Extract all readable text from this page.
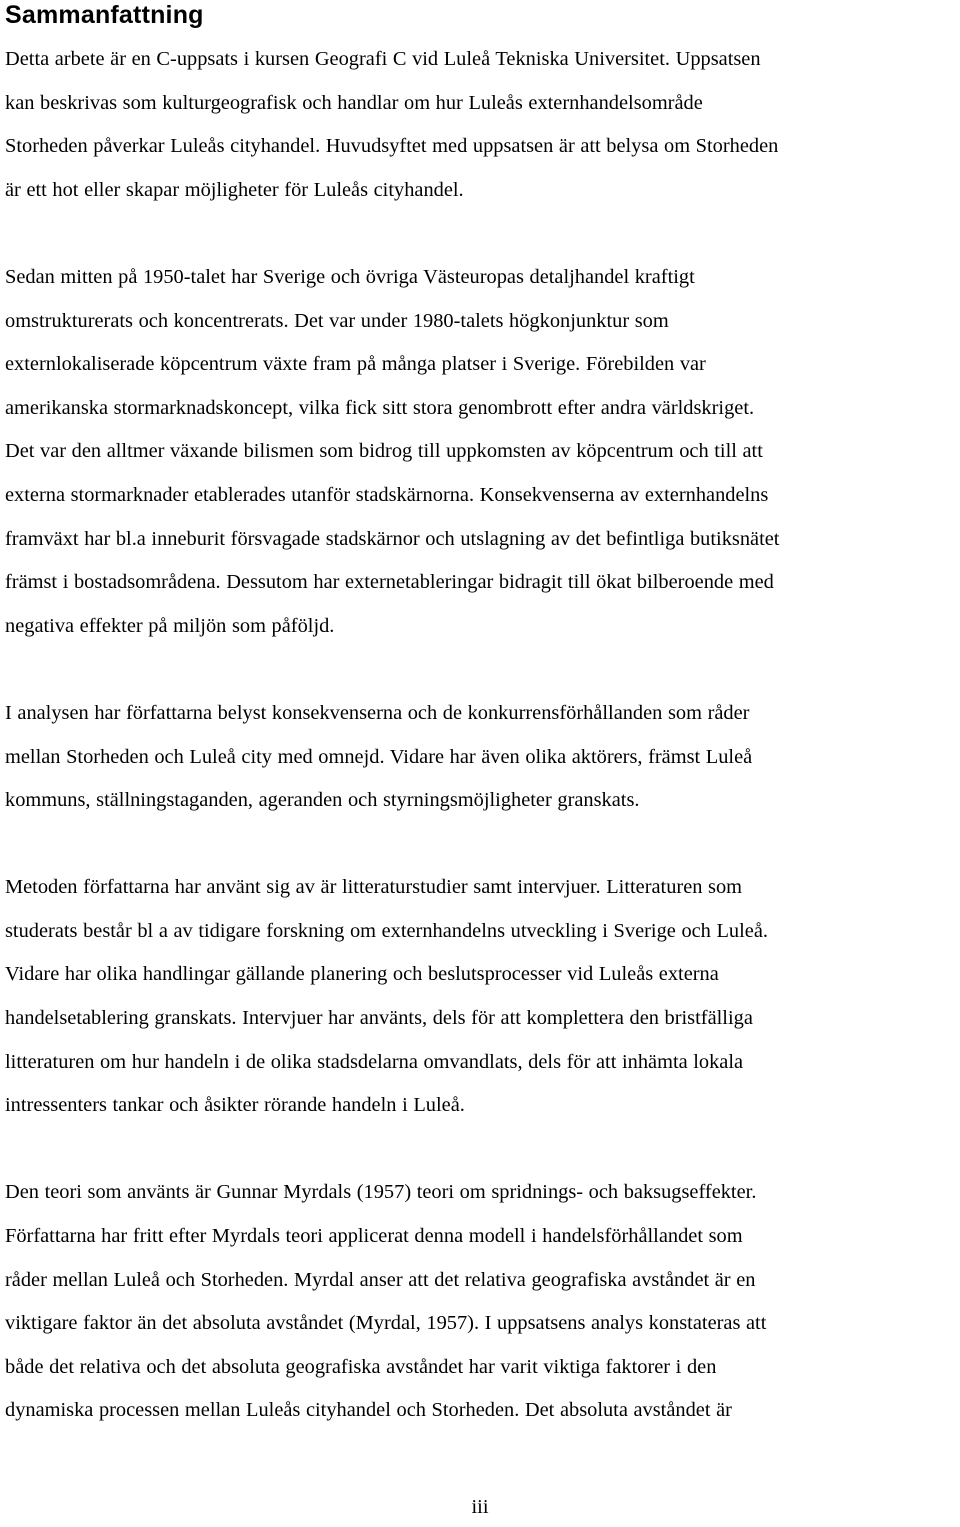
Sammanfattning

Detta arbete är en C-uppsats i kursen Geografi C vid Luleå Tekniska Universitet. Uppsatsen
kan beskrivas som kulturgeografisk och handlar om hur Luleås externhandelsområde
Storheden påverkar Luleås cityhandel. Huvudsyftet med uppsatsen är att belysa om Storheden
är ett hot eller skapar möjligheter för Luleås cityhandel.

Sedan mitten på 1950-talet har Sverige och övriga Västeuropas detaljhandel kraftigt
omstrukturerats och koncentrerats. Det var under 1980-talets högkonjunktur som
externlokaliserade köpcentrum växte fram på många platser i Sverige. Förebilden var
amerikanska stormarknadskoncept, vilka fick sitt stora genombrott efter andra världskriget.
Det var den alltmer växande bilismen som bidrog till uppkomsten av köpcentrum och till att
externa stormarknader etablerades utanför stadskärnorna. Konsekvenserna av externhandelns
framväxt har bl.a inneburit försvagade stadskärnor och utslagning av det befintliga butiksnätet
främst i bostadsområdena. Dessutom har externetableringar bidragit till ökat bilberoende med
negativa effekter på miljön som påföljd.

I analysen har författarna belyst konsekvenserna och de konkurrensförhållanden som råder
mellan Storheden och Luleå city med omnejd. Vidare har även olika aktörers, främst Luleå
kommuns, ställningstaganden, ageranden och styrningsmöjligheter granskats.

Metoden författarna har använt sig av är litteraturstudier samt intervjuer. Litteraturen som
studerats består bl a av tidigare forskning om externhandelns utveckling i Sverige och Luleå.
Vidare har olika handlingar gällande planering och beslutsprocesser vid Luleås externa
handelsetablering granskats. Intervjuer har använts, dels för att komplettera den bristfälliga
litteraturen om hur handeln i de olika stadsdelarna omvandlats, dels för att inhämta lokala
intressenters tankar och åsikter rörande handeln i Luleå.

Den teori som använts är Gunnar Myrdals (1957) teori om spridnings- och baksugseffekter.
Författarna har fritt efter Myrdals teori applicerat denna modell i handelsförhållandet som
råder mellan Luleå och Storheden. Myrdal anser att det relativa geografiska avståndet är en
viktigare faktor än det absoluta avståndet (Myrdal, 1957). I uppsatsens analys konstateras att
både det relativa och det absoluta geografiska avståndet har varit viktiga faktorer i den
dynamiska processen mellan Luleås cityhandel och Storheden. Det absoluta avståndet är

iii
